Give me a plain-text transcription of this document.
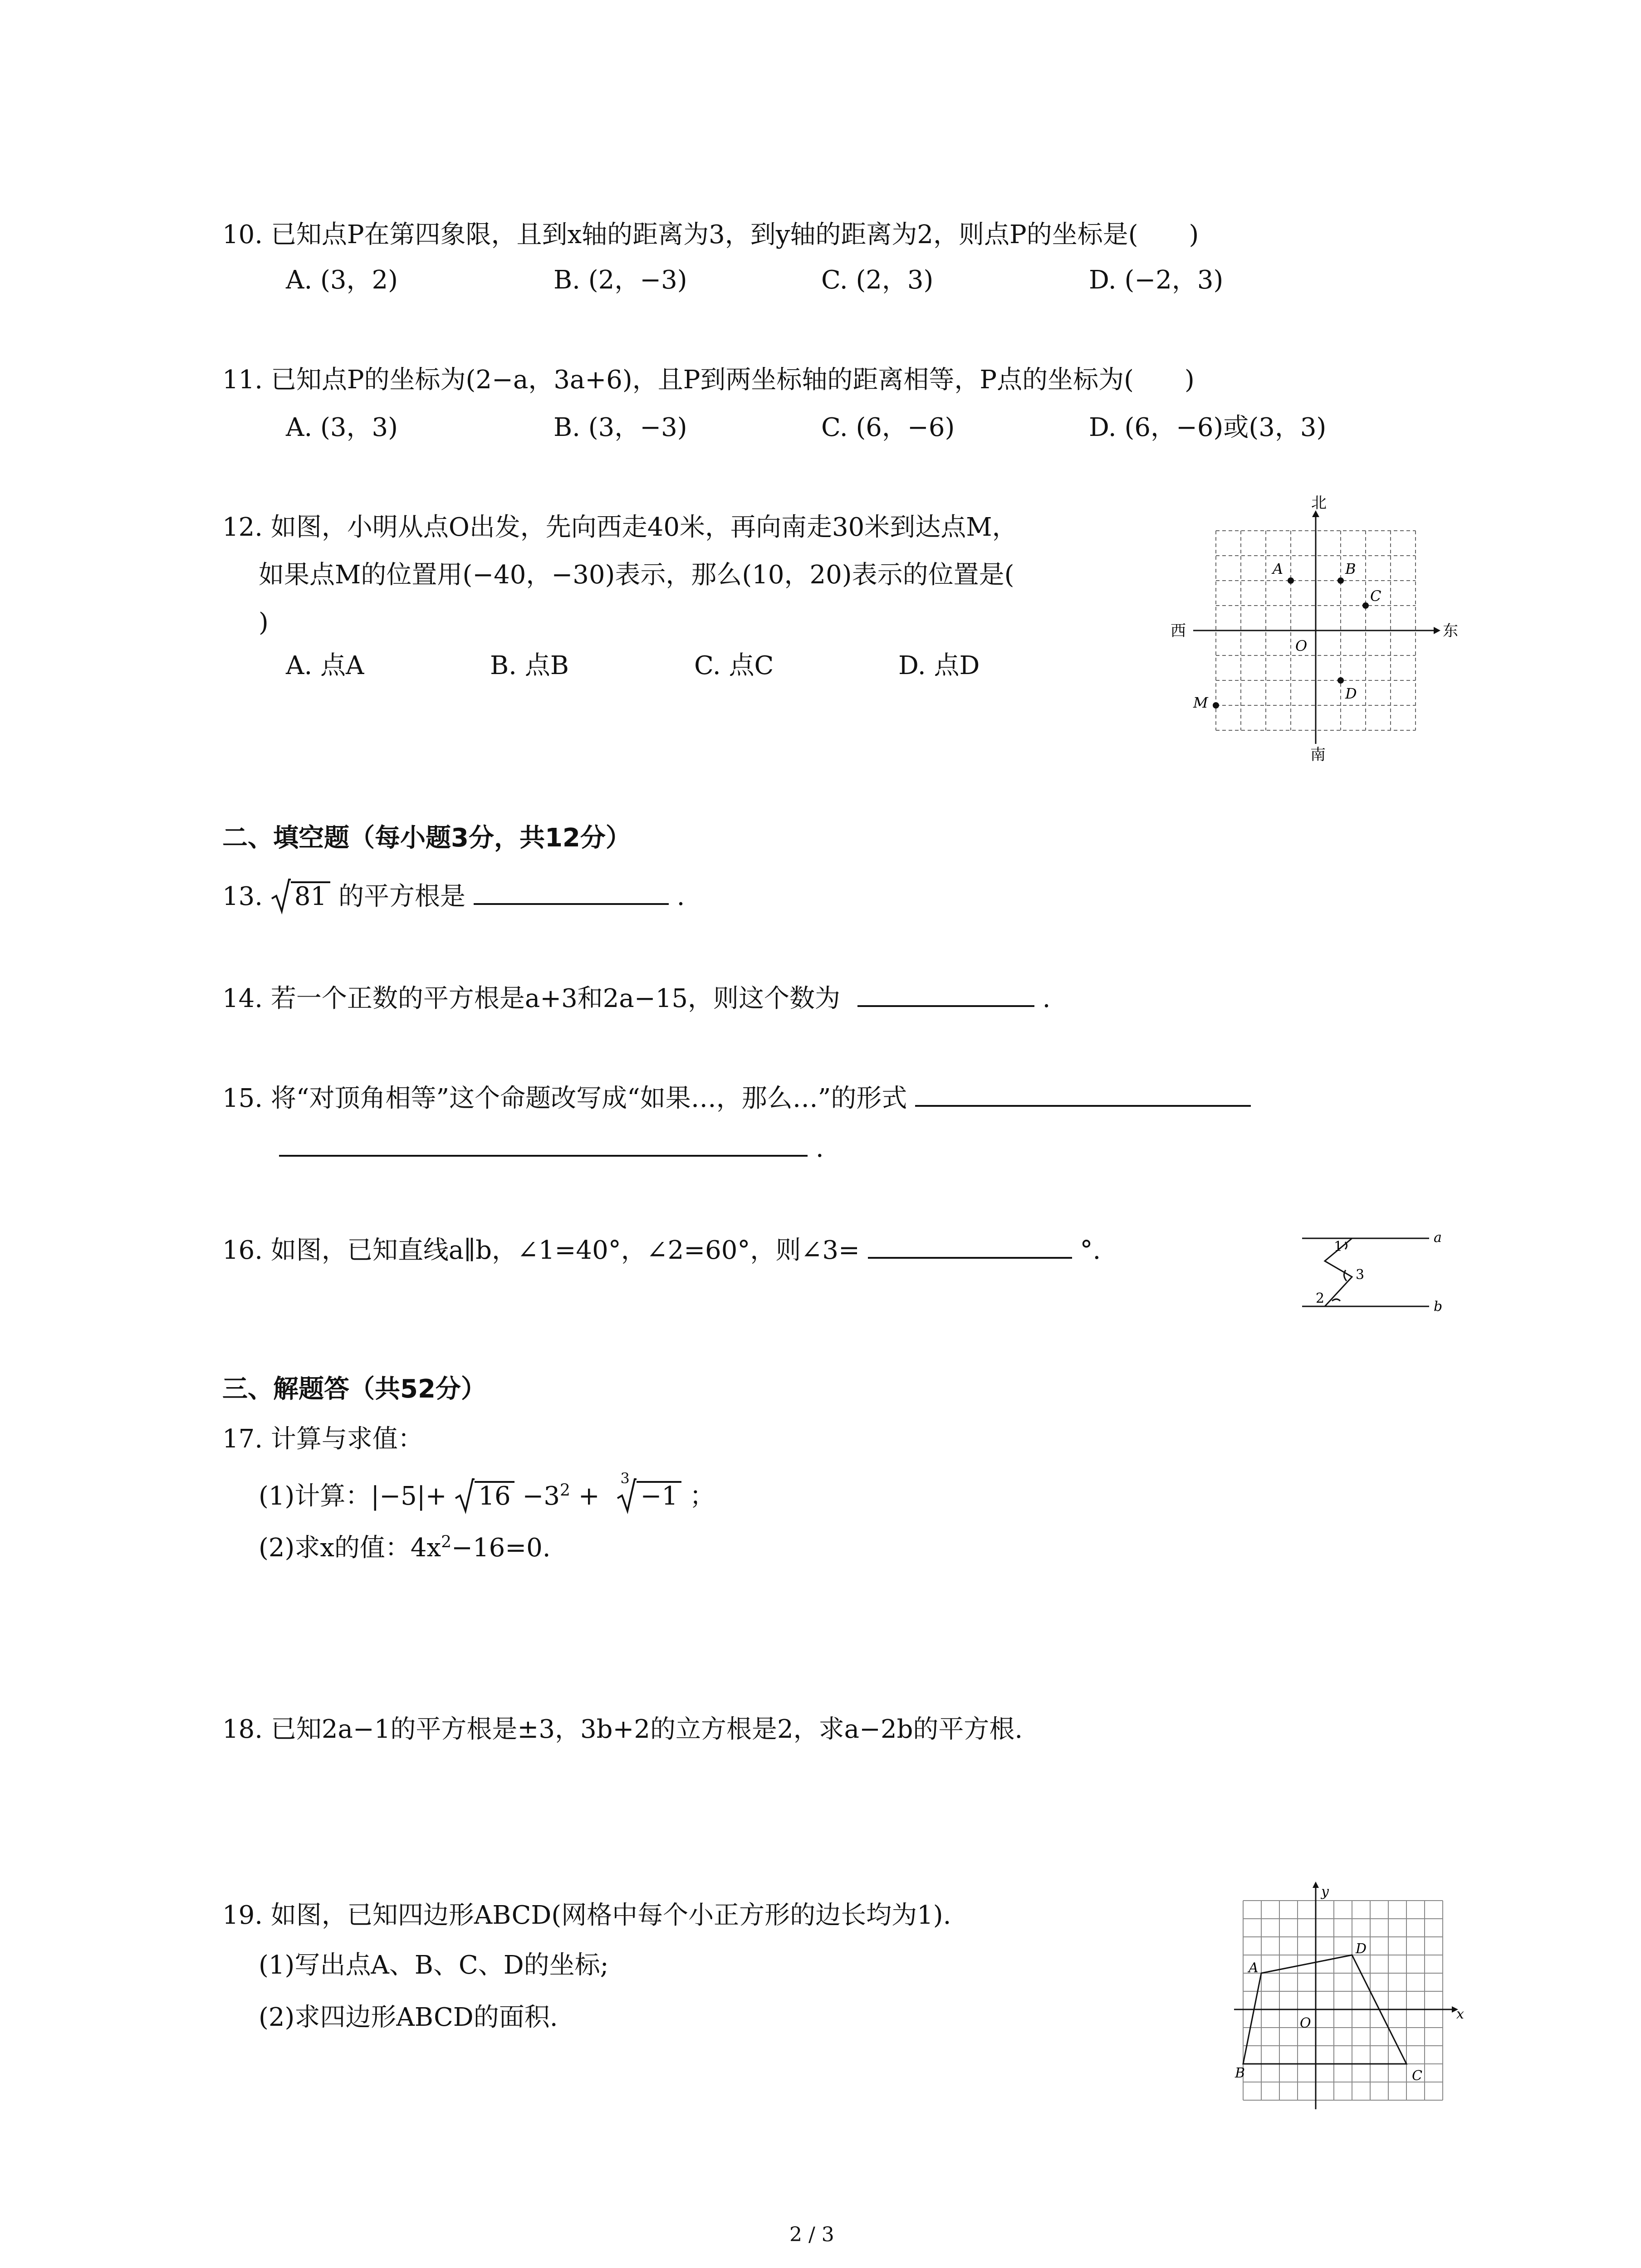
10. 已知点P在第四象限，且到x轴的距离为3，到y轴的距离为2，则点P的坐标是(　　)
A. (3，2)	B. (2，−3)	C. (2，3)	D. (−2，3)
11. 已知点P的坐标为(2−a，3a+6)，且P到两坐标轴的距离相等，P点的坐标为(　　)
A. (3，3)	B. (3，−3)	C. (6，−6)	D. (6，−6)或(3，3)
12. 如图，小明从点O出发，先向西走40米，再向南走30米到达点M，
如果点M的位置用(−40，−30)表示，那么(10，20)表示的位置是(
)
A. 点A	B. 点B	C. 点C	D. 点D
北
南
西	东
A	B
C
D
O
M
二、填空题（每小题3分，共12分）
13. 81 的平方根是	.
14. 若一个正数的平方根是a+3和2a−15，则这个数为	.
15. 将“对顶角相等”这个命题改写成“如果…，那么…”的形式
.
16. 如图，已知直线a∥b，∠1=40°，∠2=60°，则∠3=	°.	a
b
1
2
3
三、解题答（共52分）
17. 计算与求值：
(1)计算：$|-5|+ 16 -3^2$ +
3
−1 ；
(2)求x的值：$4x^2-16=0$.
18. 已知2a−1的平方根是±3，3b+2的立方根是2，求a−2b的平方根.
19. 如图，已知四边形ABCD(网格中每个小正方形的边长均为1).
(1)写出点A、B、C、D的坐标;
(2)求四边形ABCD的面积.	x
y
A
B	C
D
O
2 / 3
